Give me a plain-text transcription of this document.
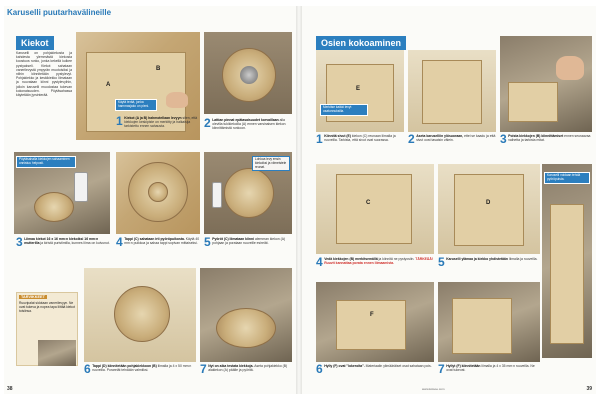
Karuselli puutarhavälineille
Kiekot
Karuselli on pohjakiekosta ja kahdesta ylemmästä kiekosta koostuva runko, jonka kekellä kulkee pystyakseli. Kiekot sahataan vanerilevystä ympyrän muotoisiksi ja niihin kiinnitetään pystylevyt. Pohjakiekko ja keskikiekko liimataan ja ruuvataan kiinni pystylevyihin, jolloin karuselli muodostaa tukevan kokonaisuuden. Pöytäsahassa käytetään jyrsinterää.
A
B
Käytä terää, jonka hammasjako on pieni.
1 Kiekot (A ja B) hahmotellaan levyyn siten, että kiekkojen keskipiste on merkitty ja halkaisija tarkistettu ennen sahausta.	2 Lattian pinnat epätasaisuudet korvaillaan alla olevilla tukikiekoilla (A) ennen varsinaisen kiekon kiinnittämistä runkoon.
Pöytäsahalla kiekkojen sahaaminen onnistuu helposti.
3 Liimaa kiekot 16 x 16 mm:n kiekoiksi 16 mm:n mutterilla ja kiristä puristimilla, kunnes liima on kuivunut. 4 Tappi (C) sahataan irti pyöröpuikosta. Käytä 40 mm:n puikkoa ja sahaa tappi sopivan mittaiseksi.
Lohkoa levy ensin kiekoiksi ja viimeistele reunat.
5 Pyöröt (C) liimataan kiinni alemman kiekon (A) pohjaan ja porataan ruuveille esireiät.
TARVIKKEET
Ruuvipalat sidotaan vanerilevyyn. Ne ovat tukeva ja nopea tapa liittää kiekot toisiinsa.
6 Tappi (D) kiinnitetään pohjakiekkoon (B) liimalla ja 4 x 50 mm:n ruuveilla. Porareiät tehdään valmiiksi.	7 Nyt on aika testata kiekkoja. Aseta pohjakiekko (B) alakiekon (A) päälle ja pyöritä.
38
Osien kokoaminen
E
Merkitse kaikki levyt osatunnuksilla.
1 Kiinnitä sivut (E) kiekon (C) reunaan liimalla ja ruuveilla. Tarkista, että sivut ovat suorassa.	2 Aseta karuselliin ylösuoraan, ettei se kaadu ja että sivut ovat tasaisin välein.	3 Poista kiekkojen (B) kiinnittämiset ennen seuraavaa vaihetta ja tarkista mitat.
C	D
Karuselli voidaan tehdä pyöröpuista.
4 Vedä kiekkojen (B) merkitsemällä ja kiinnitä ne pystyosiin. TÄRKEÄÄ! Ruuvit kannattaa porata ennen liimaamista.	5 Karuselli ylämaa ja kiekko yhdistetään liimalla ja ruuveilla.
F
6 Hylly (F) ovat "lokeroita". Materiaalin ylimääräiset osat sahataan pois. 7 Hyllyt (F) kiinnitetään liimalla ja 4 x 35 mm:n ruuveilla. Ne ovat tukevat.
www.kotsoe.com	39
